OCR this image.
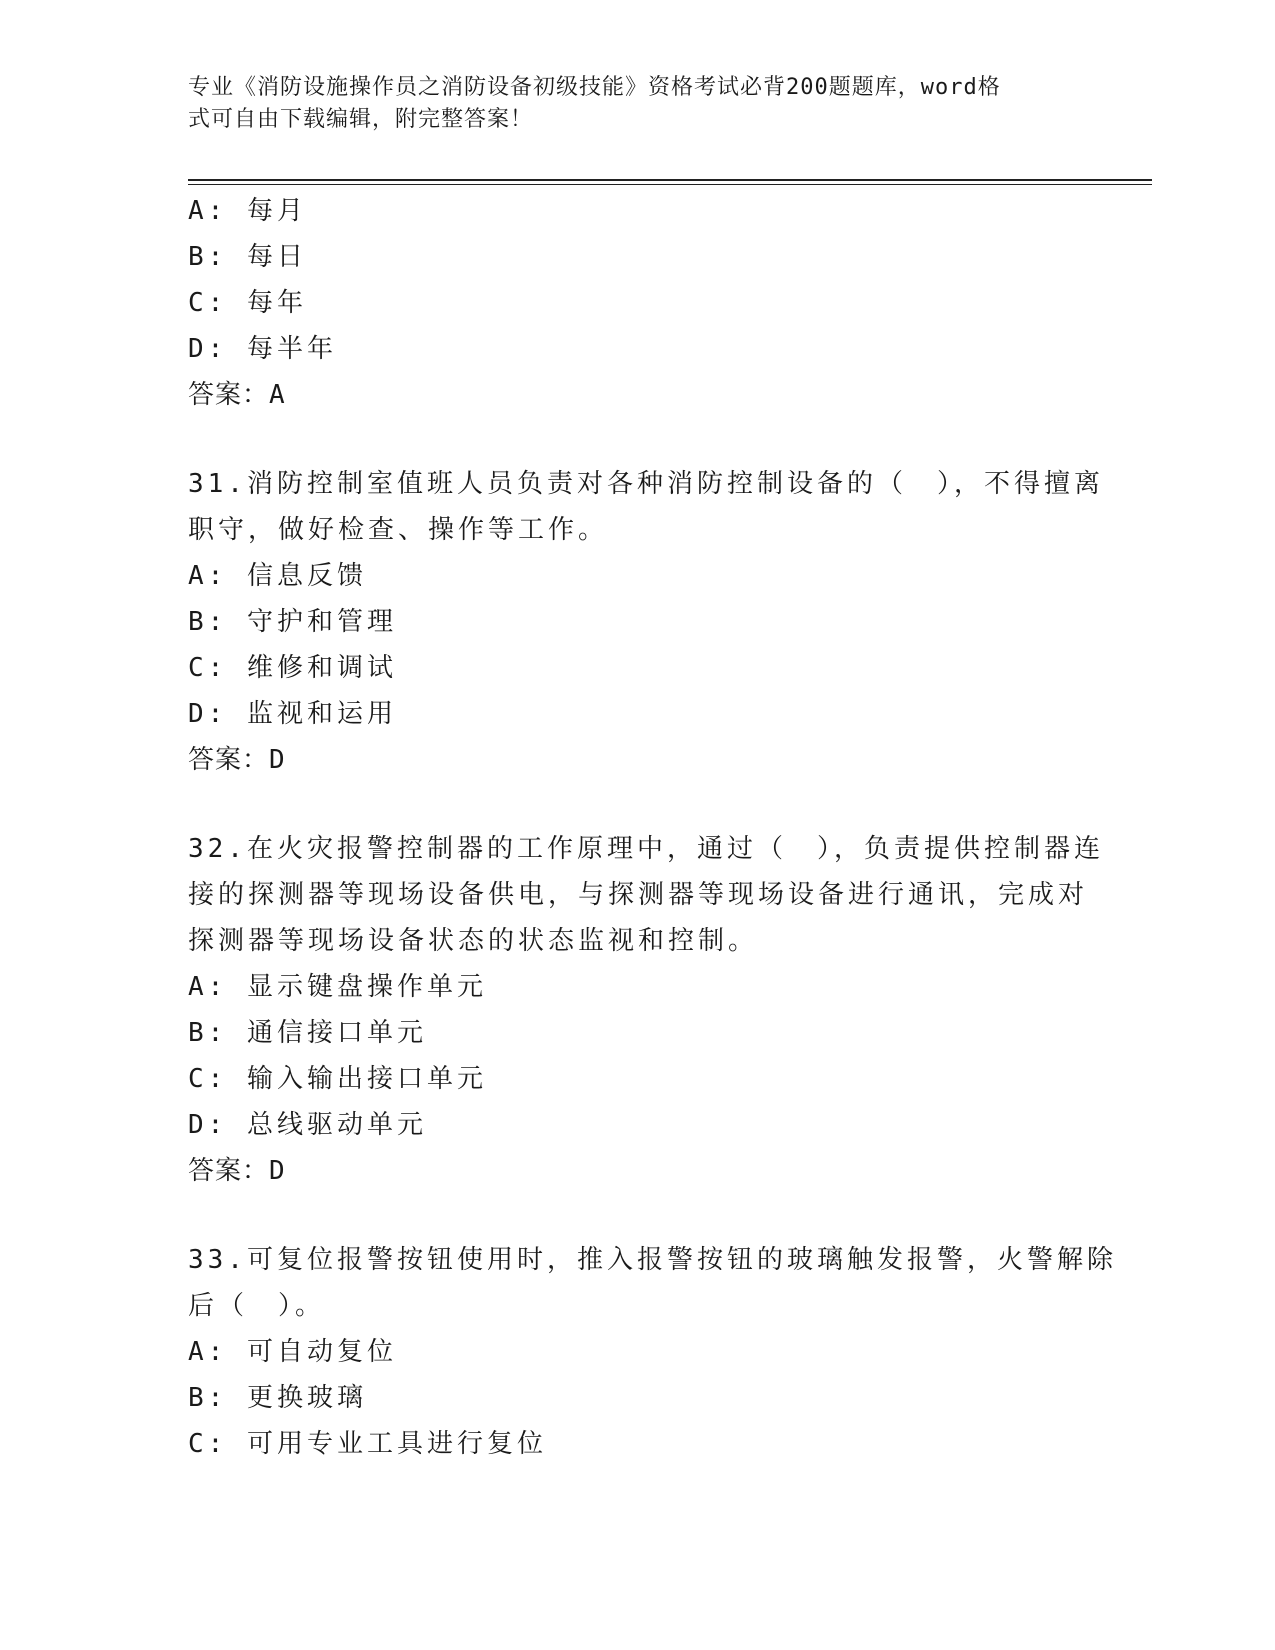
专业《消防设施操作员之消防设备初级技能》资格考试必背200题题库，word格
式可自由下载编辑，附完整答案！
A: 每月
B: 每日
C: 每年
D: 每半年
答案：A
31.消防控制室值班人员负责对各种消防控制设备的（　），不得擅离
职守，做好检查、操作等工作。
A: 信息反馈
B: 守护和管理
C: 维修和调试
D: 监视和运用
答案：D
32.在火灾报警控制器的工作原理中，通过（　），负责提供控制器连
接的探测器等现场设备供电，与探测器等现场设备进行通讯，完成对
探测器等现场设备状态的状态监视和控制。
A: 显示键盘操作单元
B: 通信接口单元
C: 输入输出接口单元
D: 总线驱动单元
答案：D
33.可复位报警按钮使用时，推入报警按钮的玻璃触发报警，火警解除
后（　）。
A: 可自动复位
B: 更换玻璃
C: 可用专业工具进行复位
